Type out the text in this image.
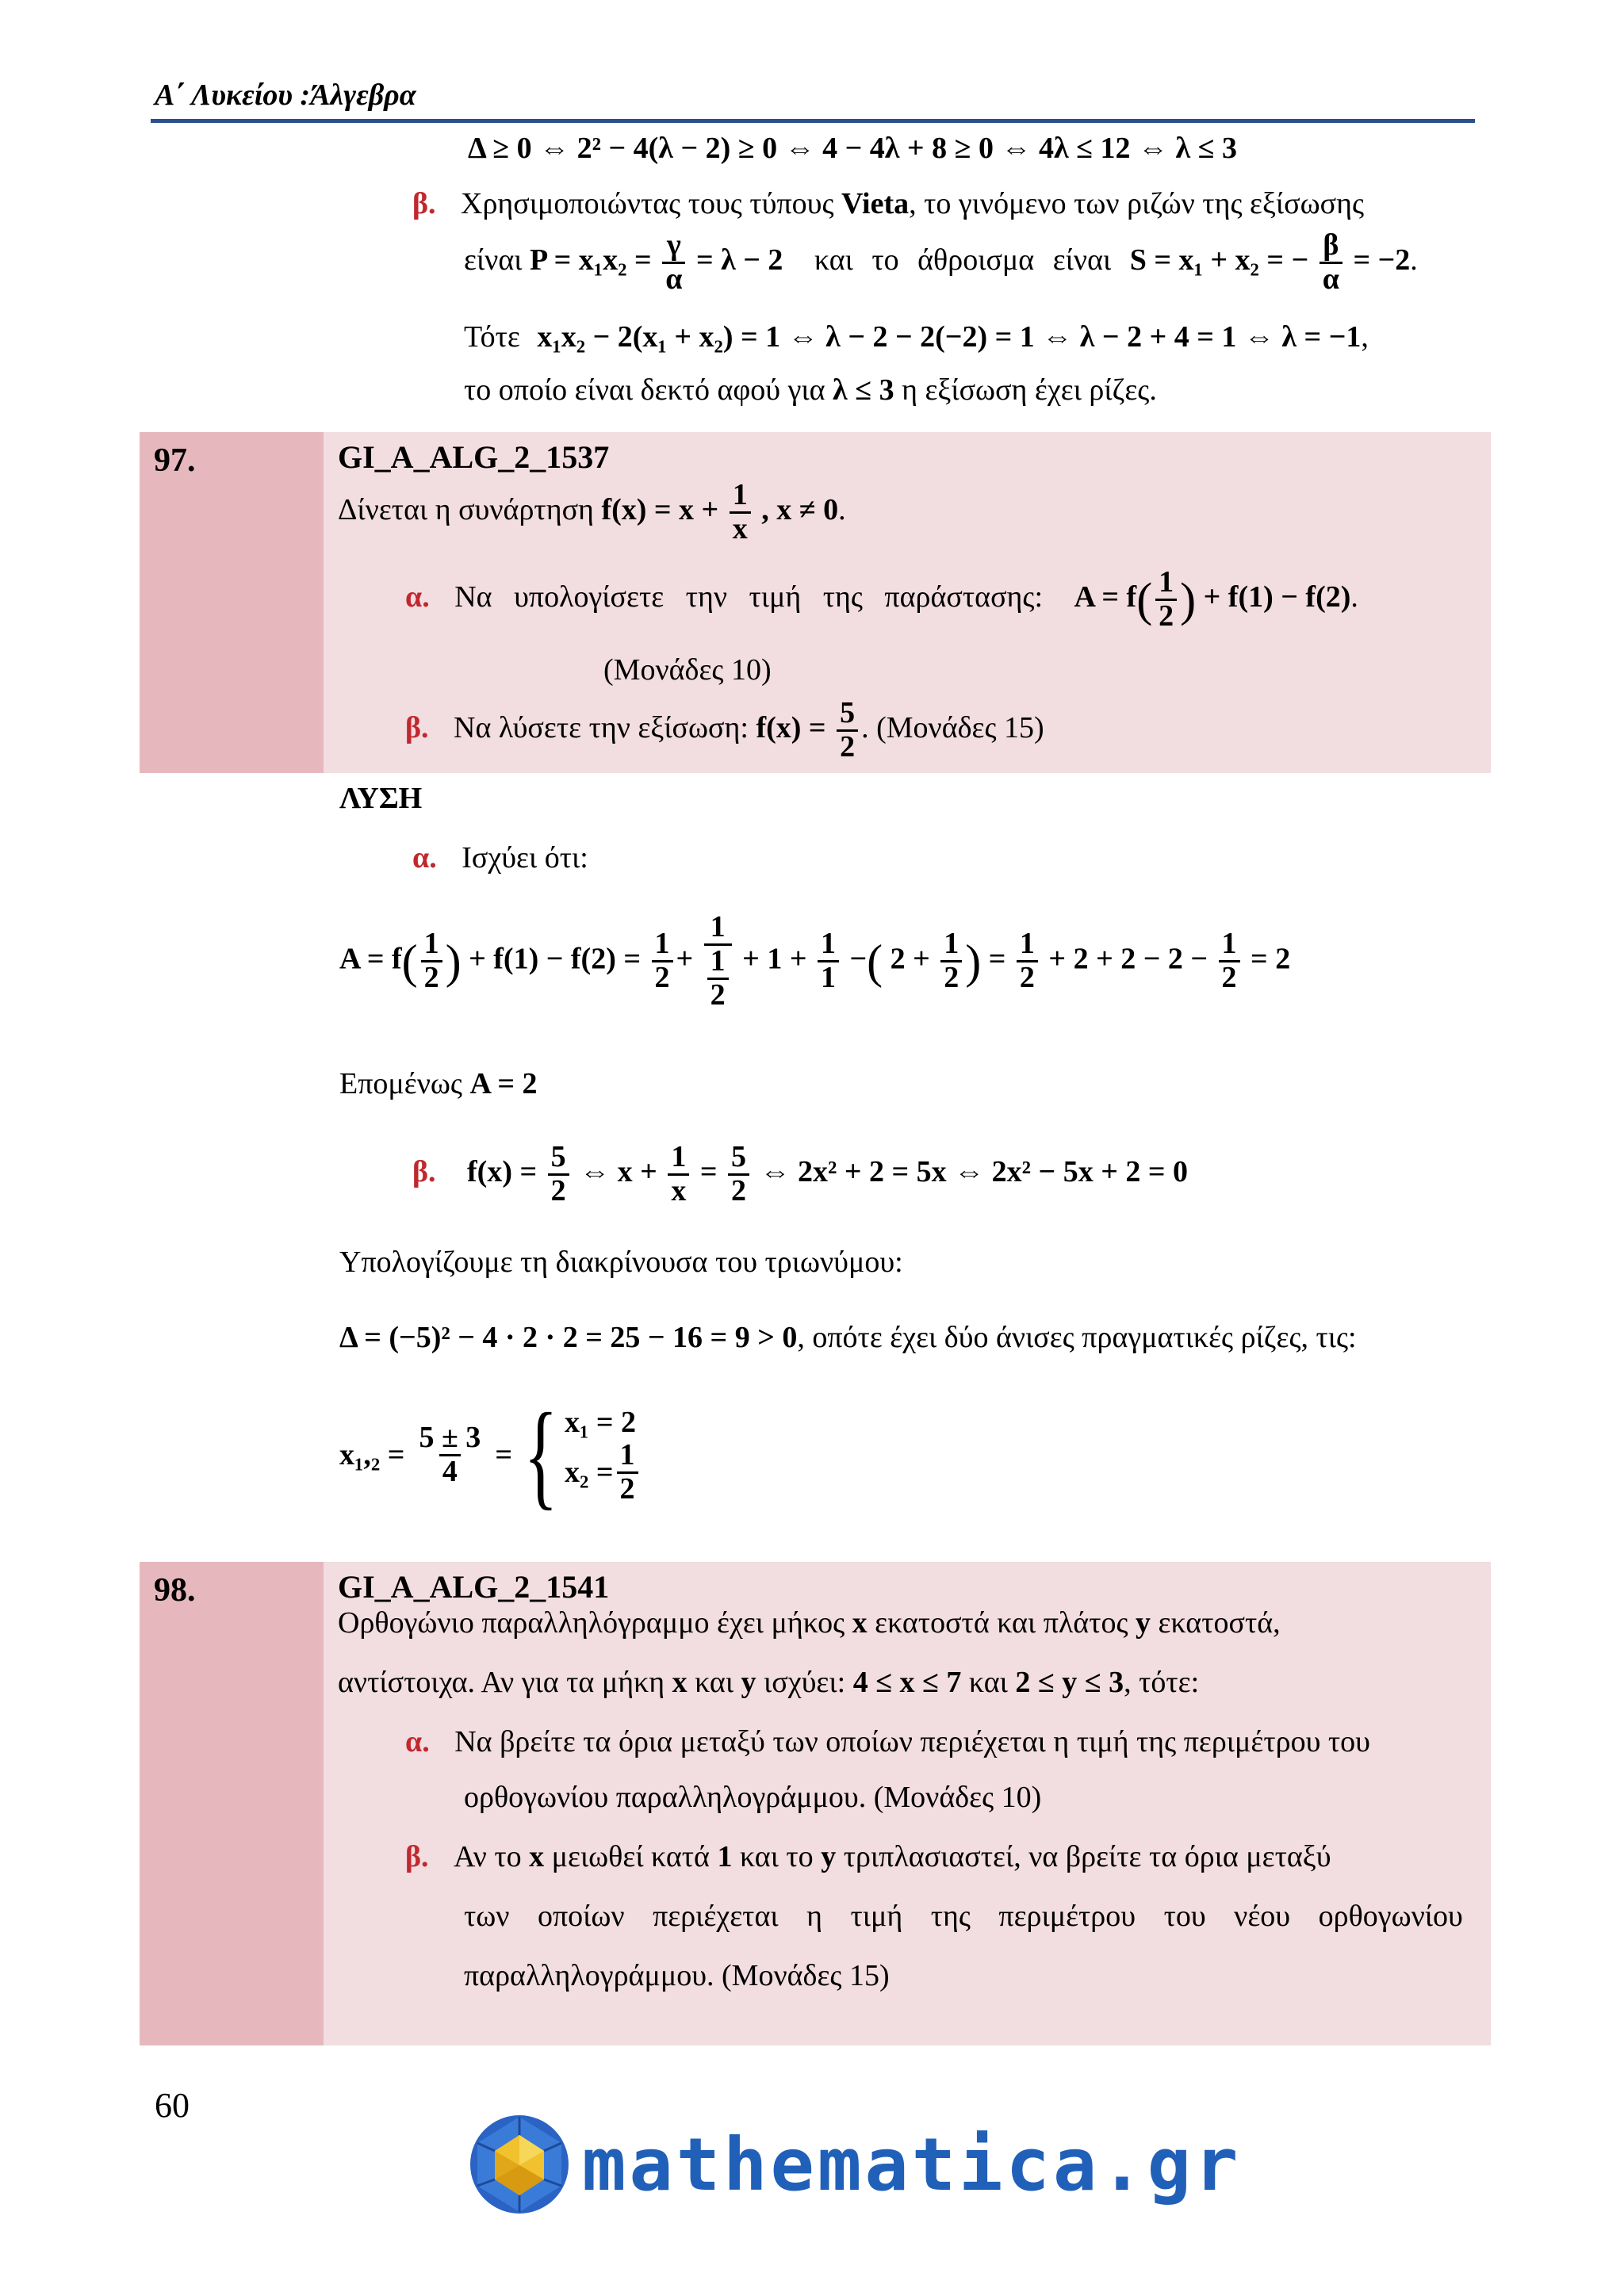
Α΄ Λυκείου :Άλγεβρα
Δ ≥ 0 ⇔ 2² − 4(λ − 2) ≥ 0 ⇔ 4 − 4λ + 8 ≥ 0 ⇔ 4λ ≤ 12 ⇔ λ ≤ 3
β. Χρησιμοποιώντας τους τύπους Vieta, το γινόμενο των ριζών της εξίσωσης
είναι $P = x_1x_2 = \frac{\gamma}{\alpha} = \lambda - 2$ και το άθροισμα είναι S = x₁ + x₂ = − $\frac{\beta}{\alpha} = -2$.
Τότε x₁x₂ − 2(x₁ + x₂) = 1 ⇔ λ − 2 − 2(−2) = 1 ⇔ λ − 2 + 4 = 1 ⇔ λ = −1,
το οποίο είναι δεκτό αφού για λ ≤ 3 η εξίσωση έχει ρίζες.
97.	GI_A_ALG_2_1537
Δίνεται η συνάρτηση $f(x) = x + \frac{1}{x}$ , x ≠ 0.
α. Να υπολογίσετε την τιμή της παράστασης: $A = f( \frac{1}{2}$ ) + f(1) − f(2).
(Μονάδες 10)
β. Να λύσετε την εξίσωση: $f(x) = \frac{5}{2}$ . (Μονάδες 15)
ΛΥΣΗ
α. Ισχύει ότι:
$A = f( \frac{1}{2}$ ) + $f(1) - f(2) = \frac{1}{2} + \frac{1}{\frac{1}{2}} + 1 + \frac{1}{1}$ −( $2 + \frac{1}{2}$ ) = $\frac{1}{2} + 2 + 2 - 2 - \frac{1}{2} = 2$
Επομένως A = 2
β. $f(x) = \frac{5}{2}$ ⇔ $x + \frac{1}{x} = \frac{5}{2}$ ⇔ 2x² + 2 = 5x ⇔ 2x² − 5x + 2 = 0
Υπολογίζουμε τη διακρίνουσα του τριωνύμου:
Δ = (−5)² − 4 · 2 · 2 = 25 − 16 = 9 > 0, οπότε έχει δύο άνισες πραγματικές ρίζες, τις:
$x_1,_2 = \frac{5 \pm 3}{4}$ = { x₁ = 2
$x_2 = \frac{1}{2}$
98.	GI_A_ALG_2_1541
Ορθογώνιο παραλληλόγραμμο έχει μήκος x εκατοστά και πλάτος y εκατοστά,
αντίστοιχα. Αν για τα μήκη x και y ισχύει: 4 ≤ x ≤ 7 και 2 ≤ y ≤ 3, τότε:
α. Να βρείτε τα όρια μεταξύ των οποίων περιέχεται η τιμή της περιμέτρου του
ορθογωνίου παραλληλογράμμου. (Μονάδες 10)
β. Αν το x μειωθεί κατά 1 και το y τριπλασιαστεί, να βρείτε τα όρια μεταξύ
των οποίων περιέχεται η τιμή της περιμέτρου του νέου ορθογωνίου
παραλληλογράμμου. (Μονάδες 15)
60
mathematica.gr
